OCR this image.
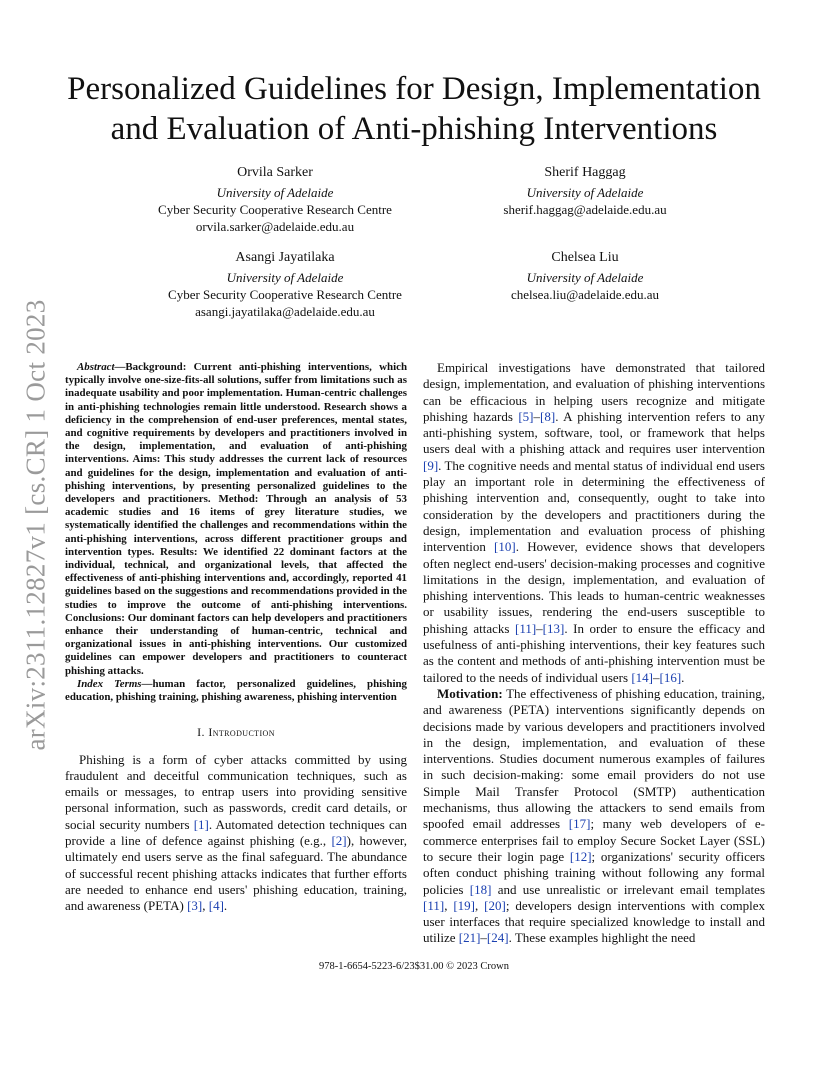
arXiv:2311.12827v1 [cs.CR] 1 Oct 2023
Personalized Guidelines for Design, Implementation and Evaluation of Anti-phishing Interventions
Orvila Sarker
University of Adelaide
Cyber Security Cooperative Research Centre
orvila.sarker@adelaide.edu.au
Sherif Haggag
University of Adelaide
sherif.haggag@adelaide.edu.au
Asangi Jayatilaka
University of Adelaide
Cyber Security Cooperative Research Centre
asangi.jayatilaka@adelaide.edu.au
Chelsea Liu
University of Adelaide
chelsea.liu@adelaide.edu.au

Abstract—Background: Current anti-phishing interventions, which typically involve one-size-fits-all solutions, suffer from limitations such as inadequate usability and poor implementation. Human-centric challenges in anti-phishing technologies remain little understood. Research shows a deficiency in the comprehension of end-user preferences, mental states, and cognitive requirements by developers and practitioners involved in the design, implementation, and evaluation of anti-phishing interventions. Aims: This study addresses the current lack of resources and guidelines for the design, implementation and evaluation of anti-phishing interventions, by presenting personalized guidelines to the developers and practitioners. Method: Through an analysis of 53 academic studies and 16 items of grey literature studies, we systematically identified the challenges and recommendations within the anti-phishing interventions, across different practitioner groups and intervention types. Results: We identified 22 dominant factors at the individual, technical, and organizational levels, that affected the effectiveness of anti-phishing interventions and, accordingly, reported 41 guidelines based on the suggestions and recommendations provided in the studies to improve the outcome of anti-phishing interventions. Conclusions: Our dominant factors can help developers and practitioners enhance their understanding of human-centric, technical and organizational issues in anti-phishing interventions. Our customized guidelines can empower developers and practitioners to counteract phishing attacks.

Index Terms—human factor, personalized guidelines, phishing education, phishing training, phishing awareness, phishing intervention

I. Introduction

Phishing is a form of cyber attacks committed by using fraudulent and deceitful communication techniques, such as emails or messages, to entrap users into providing sensitive personal information, such as passwords, credit card details, or social security numbers [1]. Automated detection techniques can provide a line of defence against phishing (e.g., [2]), however, ultimately end users serve as the final safeguard. The abundance of successful recent phishing attacks indicates that further efforts are needed to enhance end users' phishing education, training, and awareness (PETA) [3], [4].

Empirical investigations have demonstrated that tailored design, implementation, and evaluation of phishing interventions can be efficacious in helping users recognize and mitigate phishing hazards [5]–[8]. A phishing intervention refers to any anti-phishing system, software, tool, or framework that helps users deal with a phishing attack and requires user intervention [9]. The cognitive needs and mental status of individual end users play an important role in determining the effectiveness of phishing intervention and, consequently, ought to take into consideration by the developers and practitioners during the design, implementation and evaluation process of phishing intervention [10]. However, evidence shows that developers often neglect end-users' decision-making processes and cognitive limitations in the design, implementation, and evaluation of phishing interventions. This leads to human-centric weaknesses or usability issues, rendering the end-users susceptible to phishing attacks [11]–[13]. In order to ensure the efficacy and usefulness of anti-phishing interventions, their key features such as the content and methods of anti-phishing intervention must be tailored to the needs of individual users [14]–[16].

Motivation: The effectiveness of phishing education, training, and awareness (PETA) interventions significantly depends on decisions made by various developers and practitioners involved in the design, implementation, and evaluation of these interventions. Studies document numerous examples of failures in such decision-making: some email providers do not use Simple Mail Transfer Protocol (SMTP) authentication mechanisms, thus allowing the attackers to send emails from spoofed email addresses [17]; many web developers of e-commerce enterprises fail to employ Secure Socket Layer (SSL) to secure their login page [12]; organizations' security officers often conduct phishing training without following any formal policies [18] and use unrealistic or irrelevant email templates [11], [19], [20]; developers design interventions with complex user interfaces that require specialized knowledge to install and utilize [21]–[24]. These examples highlight the need

978-1-6654-5223-6/23$31.00 © 2023 Crown
